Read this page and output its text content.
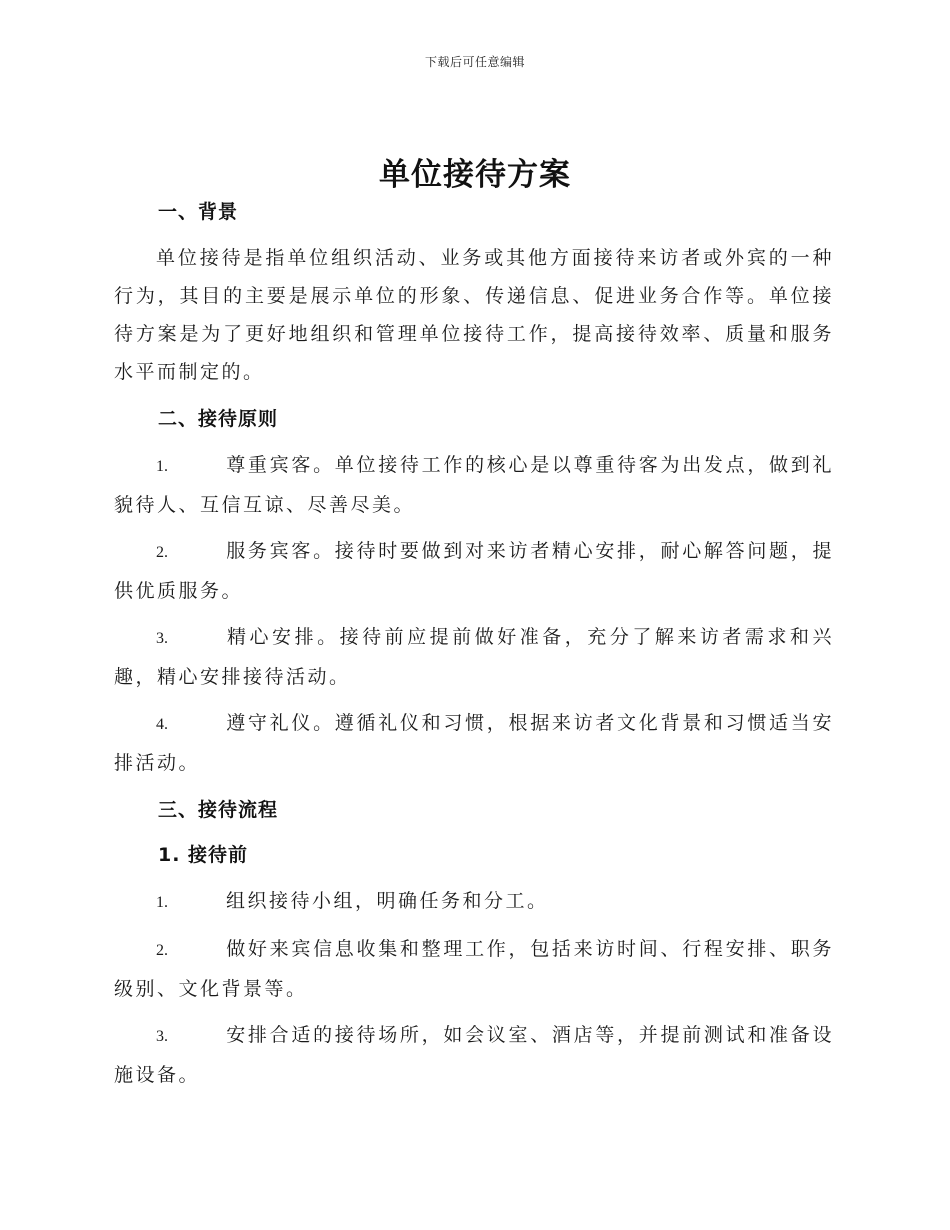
下载后可任意编辑
单位接待方案
一、背景

单位接待是指单位组织活动、业务或其他方面接待来访者或外宾的一种行为，其目的主要是展示单位的形象、传递信息、促进业务合作等。单位接待方案是为了更好地组织和管理单位接待工作，提高接待效率、质量和服务水平而制定的。

二、接待原则

1.	尊重宾客。单位接待工作的核心是以尊重待客为出发点，做到礼貌待人、互信互谅、尽善尽美。

2.	服务宾客。接待时要做到对来访者精心安排，耐心解答问题，提供优质服务。

3.	精心安排。接待前应提前做好准备，充分了解来访者需求和兴趣，精心安排接待活动。

4.	遵守礼仪。遵循礼仪和习惯，根据来访者文化背景和习惯适当安排活动。

三、接待流程
1. 接待前

1.	组织接待小组，明确任务和分工。

2.	做好来宾信息收集和整理工作，包括来访时间、行程安排、职务级别、文化背景等。

3.	安排合适的接待场所，如会议室、酒店等，并提前测试和准备设施设备。
